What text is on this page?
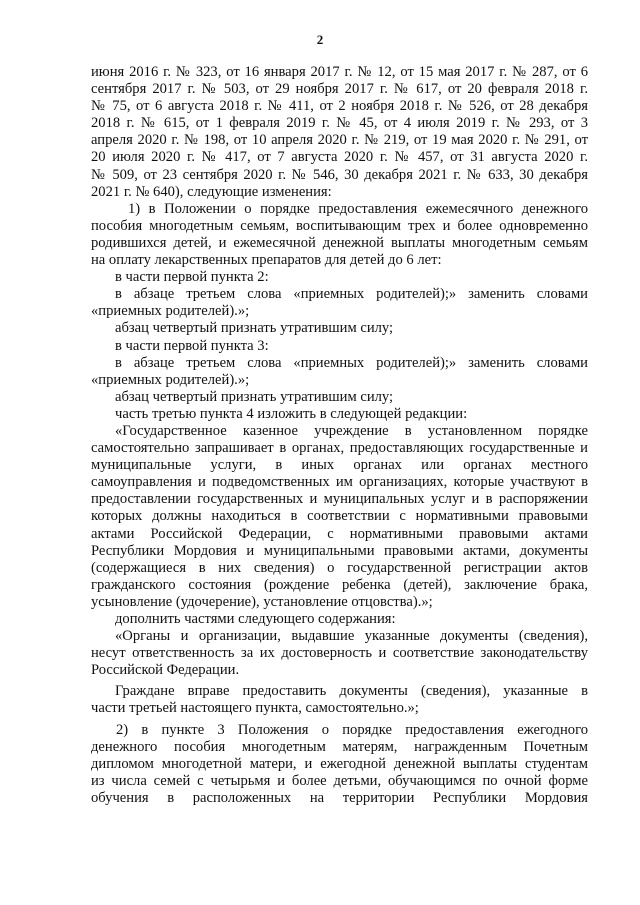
2
июня 2016 г. № 323, от 16 января 2017 г. № 12, от 15 мая 2017 г. № 287, от 6
сентября 2017 г. № 503, от 29 ноября 2017 г. № 617, от 20 февраля 2018 г.
№ 75, от 6 августа 2018 г. № 411, от 2 ноября 2018 г. № 526, от 28 декабря
2018 г. № 615, от 1 февраля 2019 г. № 45, от 4 июля 2019 г. № 293, от 3
апреля 2020 г. № 198, от 10 апреля 2020 г. № 219, от 19 мая 2020 г. № 291, от
20 июля 2020 г. № 417, от 7 августа 2020 г. № 457, от 31 августа 2020 г.
№ 509, от 23 сентября 2020 г. № 546, 30 декабря 2021 г. № 633, 30 декабря
2021 г. № 640), следующие изменения:
1) в Положении о порядке предоставления ежемесячного денежного
пособия многодетным семьям, воспитывающим трех и более одновременно
родившихся детей, и ежемесячной денежной выплаты многодетным семьям
на оплату лекарственных препаратов для детей до 6 лет:
в части первой пункта 2:
в абзаце третьем слова «приемных родителей);» заменить словами
«приемных родителей).»;
абзац четвертый признать утратившим силу;
в части первой пункта 3:
в абзаце третьем слова «приемных родителей);» заменить словами
«приемных родителей).»;
абзац четвертый признать утратившим силу;
часть третью пункта 4 изложить в следующей редакции:
«Государственное казенное учреждение в установленном порядке
самостоятельно запрашивает в органах, предоставляющих государственные и
муниципальные услуги, в иных органах или органах местного
самоуправления и подведомственных им организациях, которые участвуют в
предоставлении государственных и муниципальных услуг и в распоряжении
которых должны находиться в соответствии с нормативными правовыми
актами Российской Федерации, с нормативными правовыми актами
Республики Мордовия и муниципальными правовыми актами, документы
(содержащиеся в них сведения) о государственной регистрации актов
гражданского состояния (рождение ребенка (детей), заключение брака,
усыновление (удочерение), установление отцовства).»;
дополнить частями следующего содержания:
«Органы и организации, выдавшие указанные документы (сведения),
несут ответственность за их достоверность и соответствие законодательству
Российской Федерации.
Граждане вправе предоставить документы (сведения), указанные в
части третьей настоящего пункта, самостоятельно.»;
2) в пункте 3 Положения о порядке предоставления ежегодного
денежного пособия многодетным матерям, награжденным Почетным
дипломом многодетной матери, и ежегодной денежной выплаты студентам
из числа семей с четырьмя и более детьми, обучающимся по очной форме
обучения в расположенных на территории Республики Мордовия
